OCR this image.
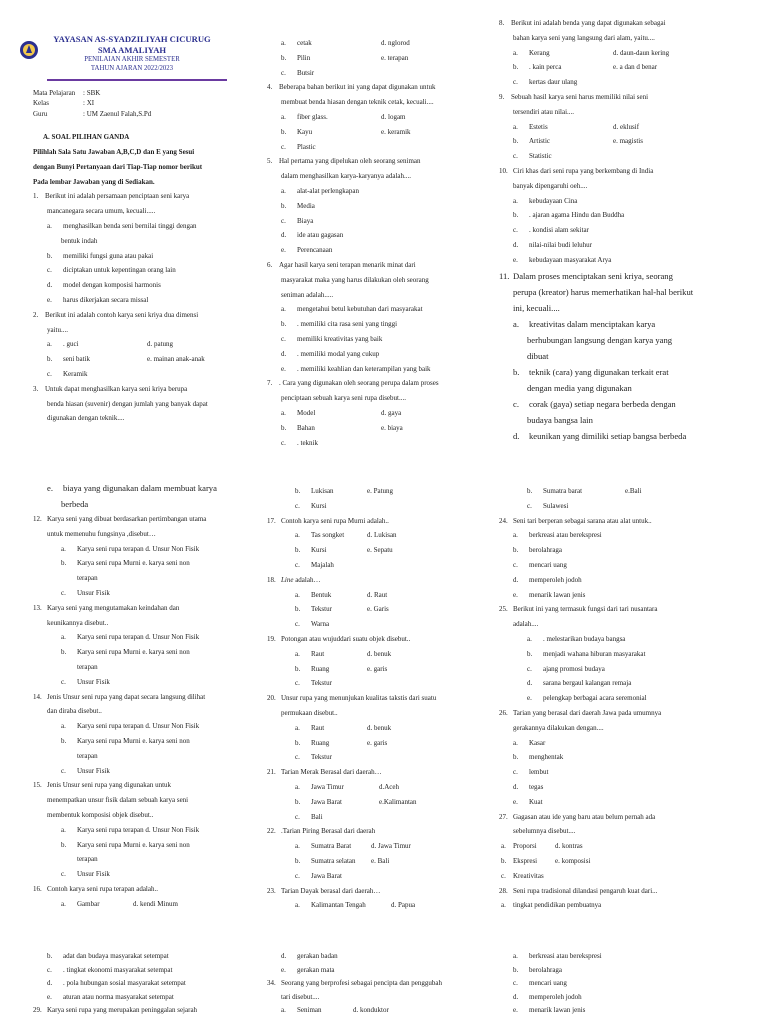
YAYASAN AS-SYADZILIYAH CICURUG
SMA AMALIYAH
PENILAIAN AKHIR SEMESTER
TAHUN AJARAN 2022/2023
Mata Pelajaran : SBK
Kelas	: XI
Guru	: UM Zaenul Falah,S.Pd
A. SOAL PILIHAN GANDA
Pilihlah Sala Satu Jawaban A,B,C,D dan E yang Sesui
dengan Bunyi Pertanyaan dari Tiap-Tiap nomor berikut
Pada lembar Jawaban yang di Sediakan.
1. Berikut ini adalah persamaan penciptaan seni karya
mancanegara secara umum, kecuali.....
a.	menghasilkan benda seni bernilai tinggi dengan
bentuk indah
b.	memiliki fungsi guna atau pakai
c.	diciptakan untuk kepentingan orang lain
d.	model dengan komposisi harmonis
e.	harus dikerjakan secara missal
2. Berikut ini adalah contoh karya seni kriya dua dimensi
yaitu....
a.	. guci	d. patung
b.	seni batik	e. mainan anak-anak
c.	Keramik
3. Untuk dapat menghasilkan karya seni kriya berupa
benda hiasan (suvenir) dengan jumlah yang banyak dapat
digunakan dengan teknik....
a.	cetak	d. nglorod
b.	Pilin	e. terapan
c.	Butsir
4. Beberapa bahan berikut ini yang dapat digunakan untuk
membuat benda hiasan dengan teknik cetak, kecuali....
a.	fiber glass.	d. logam
b.	Kayu	e. keramik
c.	Plastic
5. Hal pertama yang dipelukan oleh seorang seniman
dalam menghasilkan karya-karyanya adalah....
a.	alat-alat perlengkapan
b.	Media
c.	Biaya
d.	ide atau gagasan
e.	Perencanaan
6. Agar hasil karya seni terapan menarik minat dari
masyarakat maka yang harus dilakukan oleh seorang
seniman adalah.....
a.	mengetahui betul kebutuhan dari masyarakat
b.	. memiliki cita rasa seni yang tinggi
c.	memiliki kreativitas yang baik
d.	. memiliki modal yang cukup
e.	. memiliki keahlian dan keterampilan yang baik
7. . Cara yang digunakan oleh seorang perupa dalam proses
penciptaan sebuah karya seni rupa disebut....
a.	Model	d. gaya
b.	Bahan	e. biaya
c.	. teknik
8. Berikut ini adalah benda yang dapat digunakan sebagai
bahan karya seni yang langsung dari alam, yaitu....
a.	Kerang	d. daun-daun kering
b.	. kain perca	e. a dan d benar
c.	kertas daur ulang
9. Sebuah hasil karya seni harus memiliki nilai seni
tersendiri atau nilai....
a.	Estetis	d. eklusif
b.	Artistic	e. magistis
c.	Statistic
10. Ciri khas dari seni rupa yang berkembang di India
banyak dipengaruhi oeh....
a.	kebudayaan Cina
b.	. ajaran agama Hindu dan Buddha
c.	. kondisi alam sekitar
d.	nilai-nilai budi leluhur
e.	kebudayaan masyarakat Arya
11. Dalam proses menciptakan seni kriya, seorang
perupa (kreator) harus memerhatikan hal-hal berikut
ini, kecuali....
a.	kreativitas dalam menciptakan karya
berhubungan langsung dengan karya yang
dibuat
b.	teknik (cara) yang digunakan terkait erat
dengan media yang digunakan
c.	corak (gaya) setiap negara berbeda dengan
budaya bangsa lain
d.	keunikan yang dimiliki setiap bangsa berbeda
e.	biaya yang digunakan dalam membuat karya
berbeda
12. Karya seni yang dibuat berdasarkan pertimbangan utama
untuk memenuhu fungsinya ,disebut…
a.	Karya seni rupa terapan d. Unsur Non Fisik
b.	Karya seni rupa Murni e. karya seni non
terapan
c.	Unsur Fisik
13. Karya seni yang mengutamakan keindahan dan
keunikannya disebut..
a.	Karya seni rupa terapan d. Unsur Non Fisik
b.	Karya seni rupa Murni e. karya seni non
terapan
c.	Unsur Fisik
14. Jenis Unsur seni rupa yang dapat secara langsung dilihat
dan diraba disebut..
a.	Karya seni rupa terapan d. Unsur Non Fisik
b.	Karya seni rupa Murni e. karya seni non
terapan
c.	Unsur Fisik
15. Jenis Unsur seni rupa yang digunakan untuk
menempatkan unsur fisik dalam sebuah karya seni
membentuk komposisi objek disebut..
a.	Karya seni rupa terapan d. Unsur Non Fisik
b.	Karya seni rupa Murni e. karya seni non
terapan
c.	Unsur Fisik
16. Contoh karya seni rupa terapan adalah..
a.	Gambar	d. kendi Minum
b.	Lukisan	e. Patung
c.	Kursi
17. Contoh karya seni rupa Murni adalah..
a.	Tas songket	d. Lukisan
b.	Kursi	e. Sepatu
c.	Majalah
18. Line adalah…
a.	Bentuk	d. Raut
b.	Tekstur	e. Garis
c.	Warna
19. Potongan atau wujuddari suatu objek disebut..
a.	Raut	d. benuk
b.	Ruang	e. garis
c.	Tekstur
20. Unsur rupa yang menunjukan kualitas takstis dari suatu
permukaan disebut..
a.	Raut	d. benuk
b.	Ruang	e. garis
c.	Tekstur
21. Tarian Merak Berasal dari daerah…
a.	Jawa Timur	d.Aceh
b.	Jawa Barat	e.Kalimantan
c.	Bali
22. .Tarian Piring Berasal dari daerah
a.	Sumatra Barat	d. Jawa Timur
b.	Sumatra selatan	e. Bali
c.	Jawa Barat
23. Tarian Dayak berasal dari daerah…
a.	Kalimantan Tengah	d. Papua
b.	Sumatra barat	e.Bali
c.	Sulawesi
24. Seni tari berperan sebagai sarana atau alat untuk..
a.	berkreasi atau berekspresi
b.	berolahraga
c.	mencari uang
d.	memperoleh jodoh
e.	menarik lawan jenis
25. Berikut ini yang termasuk fungsi dari tari nusantara
adalah....
a.	. melestarikan budaya bangsa
b.	menjadi wahana hiburan masyarakat
c.	ajang promosi budaya
d.	sarana bergaul kalangan remaja
e.	pelengkap berbagai acara seremonial
26. Tarian yang berasal dari daerah Jawa pada umumnya
gerakannya dilakukan dengan....
a.	Kasar
b.	menghentak
c.	lembut
d.	tegas
e.	Kuat
27. Gagasan atau ide yang baru atau belum pernah ada
sebelumnya disebut....
a.	Proporsi	d. kontras
b. Ekspresi	e. komposisi
c.	Kreativitas
28. Seni rupa tradisional dilandasi pengaruh kuat dari...
a.	tingkat pendidikan pembuatnya
b.	adat dan budaya masyarakat setempat
c.	. tingkat ekonomi masyarakat setempat
d.	. pola hubungan sosial masyarakat setempat
e.	aturan atau norma masyarakat setempat
29. Karya seni rupa yang merupakan peninggalan sejarah
d.	gerakan badan
e.	gerakan mata
34. Seorang yang berprofesi sebagai pencipta dan penggubah
tari disebut....
a.	Seniman	d. konduktor
a.	berkreasi atau berekspresi
b.	berolahraga
c.	mencari uang
d.	memperoleh jodoh
e.	menarik lawan jenis
